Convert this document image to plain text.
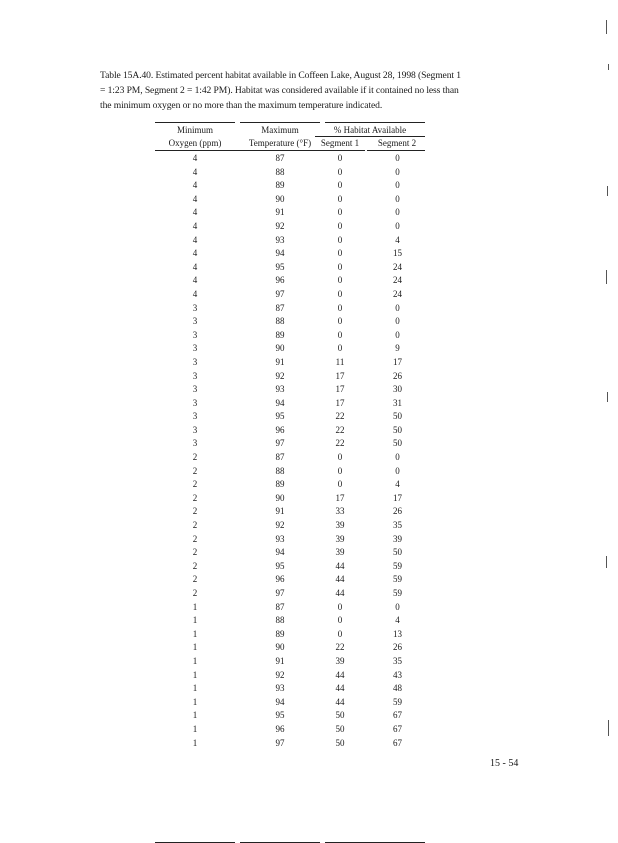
Table 15A.40. Estimated percent habitat available in Coffeen Lake, August 28, 1998 (Segment 1
= 1:23 PM, Segment 2 = 1:42 PM). Habitat was considered available if it contained no less than
the minimum oxygen or no more than the maximum temperature indicated.
Minimum
Oxygen (ppm)
Maximum
Temperature (°F)
% Habitat Available
Segment 1	Segment 2
4	87	0	0
4	88	0	0
4	89	0	0
4	90	0	0
4	91	0	0
4	92	0	0
4	93	0	4
4	94	0	15
4	95	0	24
4	96	0	24
4	97	0	24
3	87	0	0
3	88	0	0
3	89	0	0
3	90	0	9
3	91	11	17
3	92	17	26
3	93	17	30
3	94	17	31
3	95	22	50
3	96	22	50
3	97	22	50
2	87	0	0
2	88	0	0
2	89	0	4
2	90	17	17
2	91	33	26
2	92	39	35
2	93	39	39
2	94	39	50
2	95	44	59
2	96	44	59
2	97	44	59
1	87	0	0
1	88	0	4
1	89	0	13
1	90	22	26
1	91	39	35
1	92	44	43
1	93	44	48
1	94	44	59
1	95	50	67
1	96	50	67
1	97	50	67
15 - 54
